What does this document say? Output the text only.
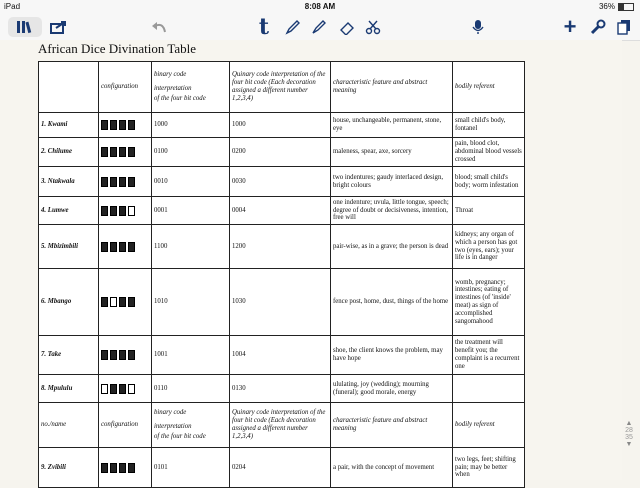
iPad	8:08 AM	36%
t	+
African Dice Divination Table
	configuration	binary code
interpretation
of the four bit code	Quinary code interpretation of the four bit code (Each decoration assigned a different number 1,2,3,4)	characteristic feature and abstract meaning	bodily referent
1. Kwami		1000	1000	house, unchangeable, permanent, stone, eye	small child's body, fontanel
2. Chilume		0100	0200	maleness, spear, axe, sorcery	pain, blood clot, abdominal blood vessels crossed
3. Ntakwala		0010	0030	two indentures; gaudy interlaced design, bright colours	blood; small child's body; worm infestation
4. Lumwe		0001	0004	one indenture; uvula, little tongue, speech; degree of doubt or decisiveness, intention, free will	Throat
5. Mbizimbili		1100	1200	pair-wise, as in a grave; the person is dead	kidneys; any organ of which a person has got two (eyes, ears); your life is in danger
6. Mbango		1010	1030	fence post, home, dust, things of the home	womb, pregnancy; intestines; eating of intestines (of 'inside' meat) as sign of accomplished sangomahood
7. Take		1001	1004	shoe, the client knows the problem, may have hope	the treatment will benefit you; the complaint is a recurrent one
8. Mpululu		0110	0130	ululating, joy (wedding); mourning (funeral); good morale, energy	
no./name	configuration	binary code
interpretation
of the four bit code	Quinary code interpretation of the four bit code (Each decoration assigned a different number 1,2,3,4)	characteristic feature and abstract meaning	bodily referent
9. Zvibili		0101	0204	a pair, with the concept of movement	two legs, feet; shifting pain; may be better when
▲
28
35
▼
